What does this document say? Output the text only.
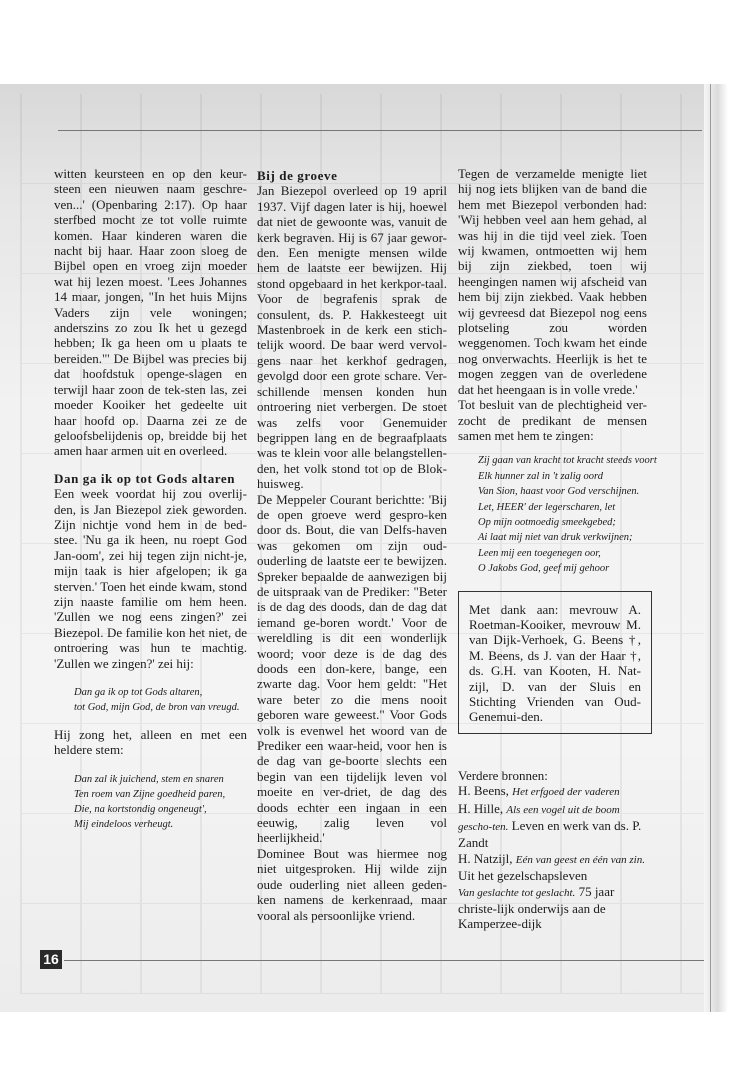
witten keursteen en op den keur-steen een nieuwen naam geschre-ven...' (Openbaring 2:17). Op haar sterfbed mocht ze tot volle ruimte komen. Haar kinderen waren die nacht bij haar. Haar zoon sloeg de Bijbel open en vroeg zijn moeder wat hij lezen moest. 'Lees Johannes 14 maar, jongen, "In het huis Mijns Vaders zijn vele woningen; anderszins zo zou Ik het u gezegd hebben; Ik ga heen om u plaats te bereiden."' De Bijbel was precies bij dat hoofdstuk openge-slagen en terwijl haar zoon de tek-sten las, zei moeder Kooiker het gedeelte uit haar hoofd op. Daarna zei ze de geloofsbelijdenis op, breidde bij het amen haar armen uit en overleed.

Dan ga ik op tot Gods altaren

Een week voordat hij zou overlij-den, is Jan Biezepol ziek geworden. Zijn nichtje vond hem in de bed-stee. 'Nu ga ik heen, nu roept God Jan-oom', zei hij tegen zijn nicht-je, mijn taak is hier afgelopen; ik ga sterven.' Toen het einde kwam, stond zijn naaste familie om hem heen. 'Zullen we nog eens zingen?' zei Biezepol. De familie kon het niet, de ontroering was hun te machtig. 'Zullen we zingen?' zei hij:

Dan ga ik op tot Gods altaren,
tot God, mijn God, de bron van vreugd.

Hij zong het, alleen en met een heldere stem:

Dan zal ik juichend, stem en snaren
Ten roem van Zijne goedheid paren,
Die, na kortstondig ongeneugt',
Mij eindeloos verheugt.
Bij de groeve

Jan Biezepol overleed op 19 april 1937. Vijf dagen later is hij, hoewel dat niet de gewoonte was, vanuit de kerk begraven. Hij is 67 jaar gewor-den. Een menigte mensen wilde hem de laatste eer bewijzen. Hij stond opgebaard in het kerkpor-taal. Voor de begrafenis sprak de consulent, ds. P. Hakkesteegt uit Mastenbroek in de kerk een stich-telijk woord. De baar werd vervol-gens naar het kerkhof gedragen, gevolgd door een grote schare. Ver-schillende mensen konden hun ontroering niet verbergen. De stoet was zelfs voor Genemuider begrippen lang en de begraafplaats was te klein voor alle belangstellen-den, het volk stond tot op de Blok-huisweg.

De Meppeler Courant berichtte: 'Bij de open groeve werd gespro-ken door ds. Bout, die van Delfs-haven was gekomen om zijn oud-ouderling de laatste eer te bewijzen. Spreker bepaalde de aanwezigen bij de uitspraak van de Prediker: "Beter is de dag des doods, dan de dag dat iemand ge-boren wordt.' Voor de wereldling is dit een wonderlijk woord; voor deze is de dag des doods een don-kere, bange, een zwarte dag. Voor hem geldt: "Het ware beter zo die mens nooit geboren ware geweest." Voor Gods volk is evenwel het woord van de Prediker een waar-heid, voor hen is de dag van ge-boorte slechts een begin van een tijdelijk leven vol moeite en ver-driet, de dag des doods echter een ingaan in een eeuwig, zalig leven vol heerlijkheid.'

Dominee Bout was hiermee nog niet uitgesproken. Hij wilde zijn oude ouderling niet alleen geden-ken namens de kerkenraad, maar vooral als persoonlijke vriend.

Tegen de verzamelde menigte liet hij nog iets blijken van de band die hem met Biezepol verbonden had: 'Wij hebben veel aan hem gehad, al was hij in die tijd veel ziek. Toen wij kwamen, ontmoetten wij hem bij zijn ziekbed, toen wij heengingen namen wij afscheid van hem bij zijn ziekbed. Vaak hebben wij gevreesd dat Biezepol nog eens plotseling zou worden weggenomen. Toch kwam het einde nog onverwachts. Heerlijk is het te mogen zeggen van de overledene dat het heengaan is in volle vrede.'

Tot besluit van de plechtigheid ver-zocht de predikant de mensen samen met hem te zingen:

Zij gaan van kracht tot kracht steeds voort
Elk hunner zal in 't zalig oord
Van Sion, haast voor God verschijnen.
Let, HEER' der legerscharen, let
Op mijn ootmoedig smeekgebed;
Ai laat mij niet van druk verkwijnen;
Leen mij een toegenegen oor,
O Jakobs God, geef mij gehoor

Met dank aan: mevrouw A. Roetman-Kooiker, mevrouw M. van Dijk-Verhoek, G. Beens †, M. Beens, ds J. van der Haar †, ds. G.H. van Kooten, H. Nat-zijl, D. van der Sluis en Stichting Vrienden van Oud-Genemui-den.

Verdere bronnen:
H. Beens, Het erfgoed der vaderen
H. Hille, Als een vogel uit de boom gescho-ten. Leven en werk van ds. P. Zandt
H. Natzijl, Eén van geest en één van zin. Uit het gezelschapsleven
Van geslachte tot geslacht. 75 jaar christe-lijk onderwijs aan de Kamperzee-dijk
16
